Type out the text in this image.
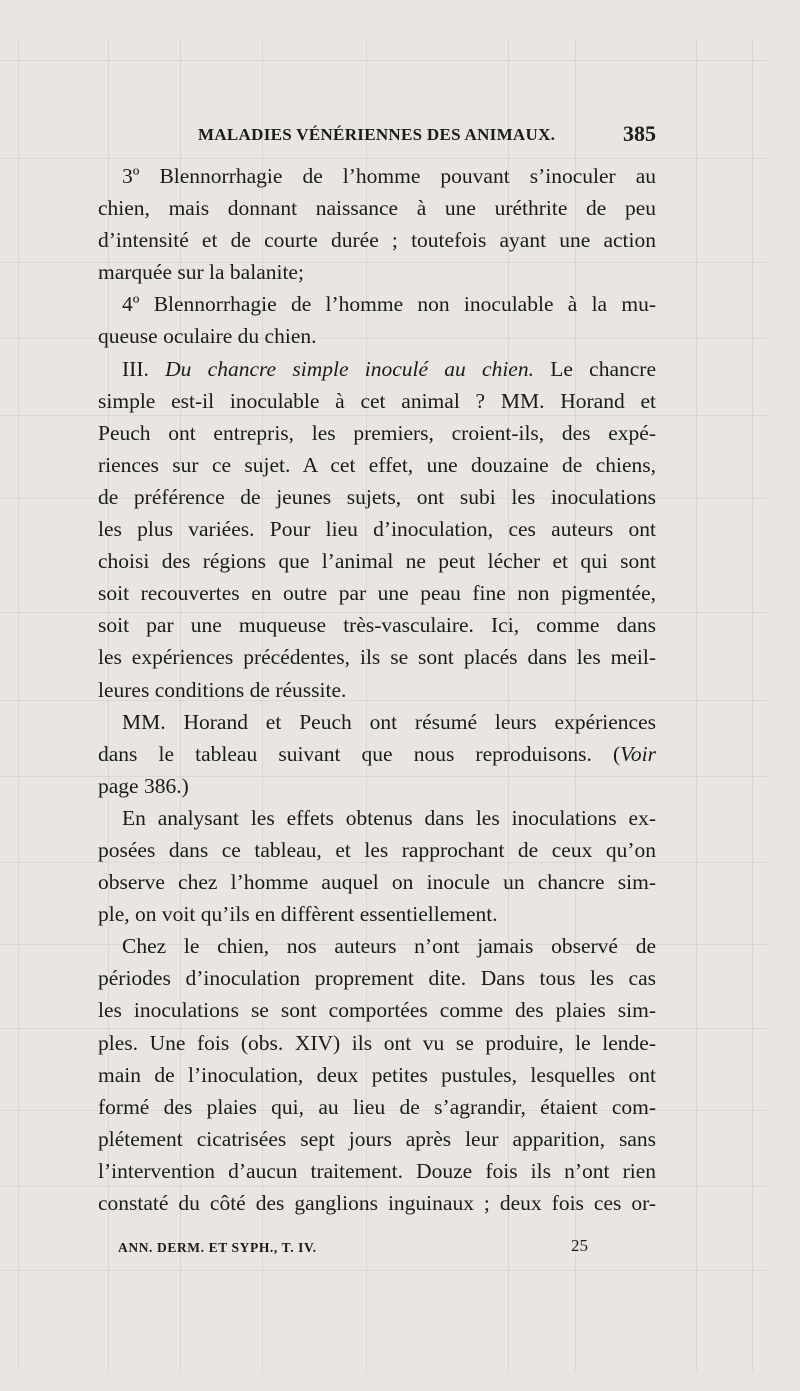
MALADIES VÉNÉRIENNES DES ANIMAUX.	385
3º Blennorrhagie de l’homme pouvant s’inoculer au
chien, mais donnant naissance à une uréthrite de peu
d’intensité et de courte durée ; toutefois ayant une action
marquée sur la balanite;
4º Blennorrhagie de l’homme non inoculable à la mu-
queuse oculaire du chien.
III. Du chancre simple inoculé au chien. Le chancre
simple est-il inoculable à cet animal ? MM. Horand et
Peuch ont entrepris, les premiers, croient-ils, des expé-
riences sur ce sujet. A cet effet, une douzaine de chiens,
de préférence de jeunes sujets, ont subi les inoculations
les plus variées. Pour lieu d’inoculation, ces auteurs ont
choisi des régions que l’animal ne peut lécher et qui sont
soit recouvertes en outre par une peau fine non pigmentée,
soit par une muqueuse très-vasculaire. Ici, comme dans
les expériences précédentes, ils se sont placés dans les meil-
leures conditions de réussite.
MM. Horand et Peuch ont résumé leurs expériences
dans le tableau suivant que nous reproduisons. (Voir
page 386.)
En analysant les effets obtenus dans les inoculations ex-
posées dans ce tableau, et les rapprochant de ceux qu’on
observe chez l’homme auquel on inocule un chancre sim-
ple, on voit qu’ils en diffèrent essentiellement.
Chez le chien, nos auteurs n’ont jamais observé de
périodes d’inoculation proprement dite. Dans tous les cas
les inoculations se sont comportées comme des plaies sim-
ples. Une fois (obs. XIV) ils ont vu se produire, le lende-
main de l’inoculation, deux petites pustules, lesquelles ont
formé des plaies qui, au lieu de s’agrandir, étaient com-
plétement cicatrisées sept jours après leur apparition, sans
l’intervention d’aucun traitement. Douze fois ils n’ont rien
constaté du côté des ganglions inguinaux ; deux fois ces or-
ANN. DERM. ET SYPH., T. IV.	25
